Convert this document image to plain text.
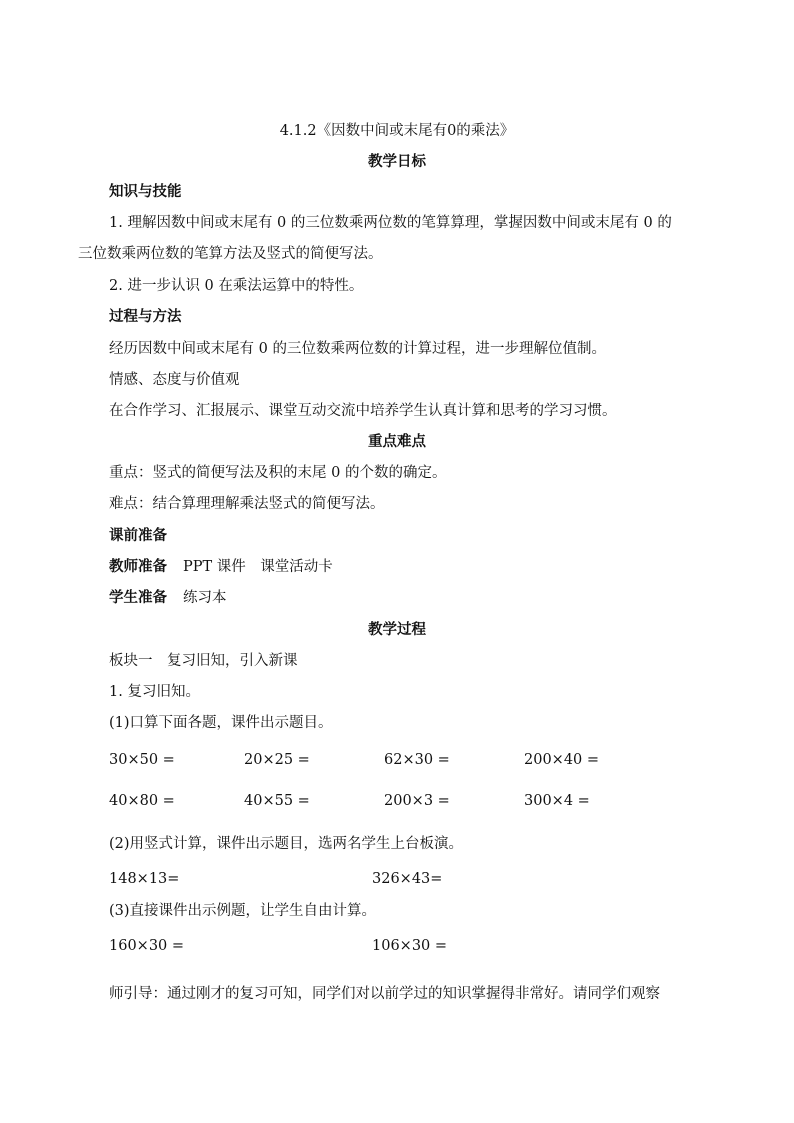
4.1.2《因数中间或末尾有0的乘法》
教学日标
知识与技能
1. 理解因数中间或末尾有 0 的三位数乘两位数的笔算算理，掌握因数中间或末尾有 0 的
三位数乘两位数的笔算方法及竖式的简便写法。
2. 进一步认识 0 在乘法运算中的特性。
过程与方法
经历因数中间或末尾有 0 的三位数乘两位数的计算过程，进一步理解位值制。
情感、态度与价值观
在合作学习、汇报展示、课堂互动交流中培养学生认真计算和思考的学习习惯。
重点难点
重点：竖式的简便写法及积的末尾 0 的个数的确定。
难点：结合算理理解乘法竖式的简便写法。
课前准备
教师准备 PPT 课件　课堂活动卡
学生准备 练习本
教学过程
板块一　复习旧知，引入新课
1. 复习旧知。
(1)口算下面各题，课件出示题目。
30×50 =	20×25 =	62×30 =	200×40 =
40×80 =	40×55 =	200×3 =	300×4 =
(2)用竖式计算，课件出示题目，选两名学生上台板演。
148×13=	326×43=
(3)直接课件出示例题，让学生自由计算。
160×30 =	106×30 =
师引导：通过刚才的复习可知，同学们对以前学过的知识掌握得非常好。请同学们观察
